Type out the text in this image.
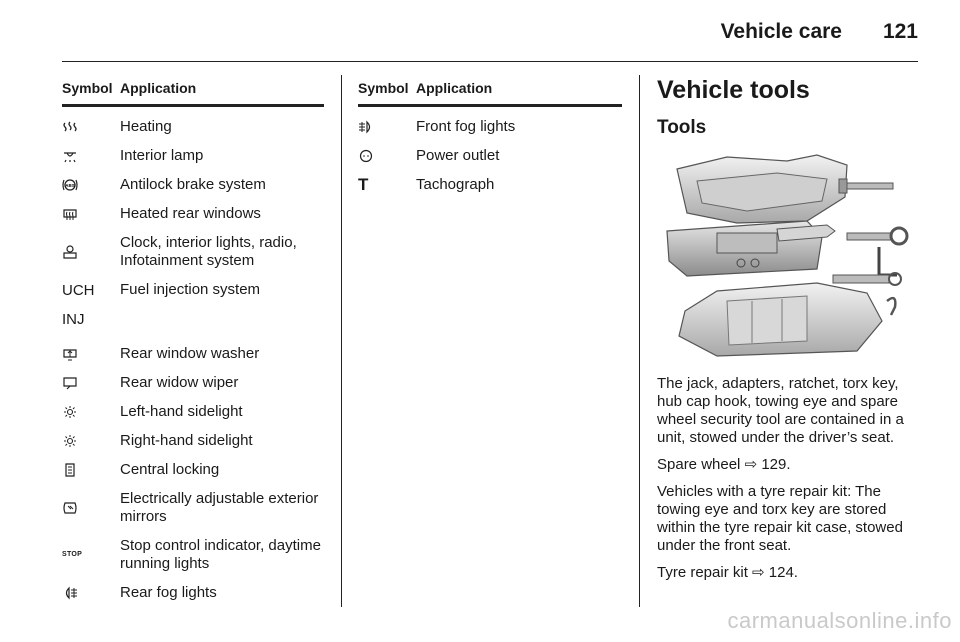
Vehicle care 121
Symbol Application
Heating
Interior lamp
ABS	Antilock brake system
Heated rear windows
Clock, interior lights, radio, Infotainment system
UCH
INJ
Fuel injection system
Rear window washer
Rear widow wiper
Left-hand sidelight
Right-hand sidelight
Central locking
Electrically adjustable exterior mirrors
STOP
Stop control indicator, daytime running lights
Rear fog lights
Symbol Application
Front fog lights
Power outlet
T	Tachograph
Vehicle tools
Tools

The jack, adapters, ratchet, torx key, hub cap hook, towing eye and spare wheel security tool are contained in a unit, stowed under the driver’s seat.

Spare wheel ⇨ 129.

Vehicles with a tyre repair kit: The towing eye and torx key are stored within the tyre repair kit case, stowed under the front seat.

Tyre repair kit ⇨ 124.

carmanualsonline.info
